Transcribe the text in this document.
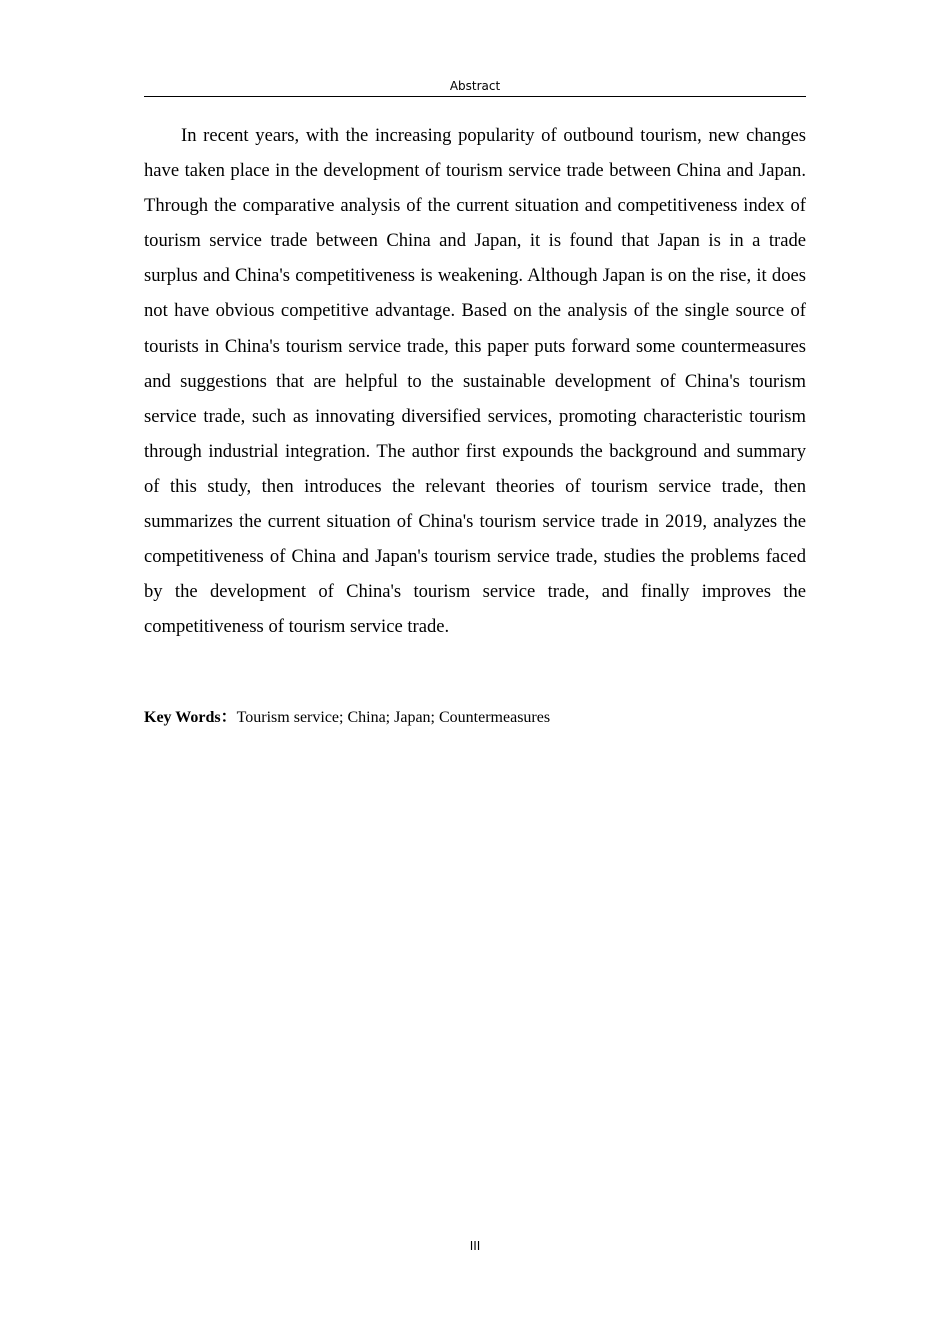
Abstract

In recent years, with the increasing popularity of outbound tourism, new changes have taken place in the development of tourism service trade between China and Japan. Through the comparative analysis of the current situation and competitiveness index of tourism service trade between China and Japan, it is found that Japan is in a trade surplus and China's competitiveness is weakening. Although Japan is on the rise, it does not have obvious competitive advantage. Based on the analysis of the single source of tourists in China's tourism service trade, this paper puts forward some countermeasures and suggestions that are helpful to the sustainable development of China's tourism service trade, such as innovating diversified services, promoting characteristic tourism through industrial integration. The author first expounds the background and summary of this study, then introduces the relevant theories of tourism service trade, then summarizes the current situation of China's tourism service trade in 2019, analyzes the competitiveness of China and Japan's tourism service trade, studies the problems faced by the development of China's tourism service trade, and finally improves the competitiveness of tourism service trade.

Key Words：Tourism service; China; Japan; Countermeasures
III
